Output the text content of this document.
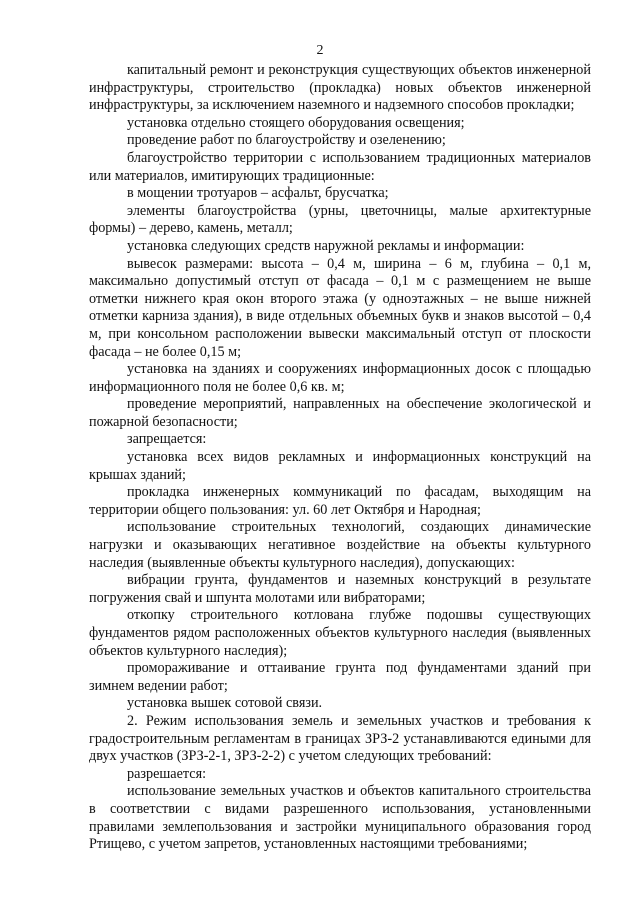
2

капитальный ремонт и реконструкция существующих объектов инженерной инфраструктуры, строительство (прокладка) новых объектов инженерной инфраструктуры, за исключением наземного и надземного способов прокладки;

установка отдельно стоящего оборудования освещения;

проведение работ по благоустройству и озеленению;

благоустройство территории с использованием традиционных материалов или материалов, имитирующих традиционные:

в мощении тротуаров – асфальт, брусчатка;

элементы благоустройства (урны, цветочницы, малые архитектурные формы) – дерево, камень, металл;

установка следующих средств наружной рекламы и информации:

вывесок размерами: высота – 0,4 м, ширина – 6 м, глубина – 0,1 м, максимально допустимый отступ от фасада – 0,1 м с размещением не выше отметки нижнего края окон второго этажа (у одноэтажных – не выше нижней отметки карниза здания), в виде отдельных объемных букв и знаков высотой – 0,4 м, при консольном расположении вывески максимальный отступ от плоскости фасада – не более 0,15 м;

установка на зданиях и сооружениях информационных досок с площадью информационного поля не более 0,6 кв. м;

проведение мероприятий, направленных на обеспечение экологической и пожарной безопасности;

запрещается:

установка всех видов рекламных и информационных конструкций на крышах зданий;

прокладка инженерных коммуникаций по фасадам, выходящим на территории общего пользования: ул. 60 лет Октября и Народная;

использование строительных технологий, создающих динамические нагрузки и оказывающих негативное воздействие на объекты культурного наследия (выявленные объекты культурного наследия), допускающих:

вибрации грунта, фундаментов и наземных конструкций в результате погружения свай и шпунта молотами или вибраторами;

откопку строительного котлована глубже подошвы существующих фундаментов рядом расположенных объектов культурного наследия (выявленных объектов культурного наследия);

промораживание и оттаивание грунта под фундаментами зданий при зимнем ведении работ;

установка вышек сотовой связи.

2. Режим использования земель и земельных участков и требования к градостроительным регламентам в границах ЗРЗ-2 устанавливаются едиными для двух участков (ЗРЗ-2-1, ЗРЗ-2-2) с учетом следующих требований:

разрешается:

использование земельных участков и объектов капитального строительства в соответствии с видами разрешенного использования, установленными правилами землепользования и застройки муниципального образования город Ртищево, с учетом запретов, установленных настоящими требованиями;
